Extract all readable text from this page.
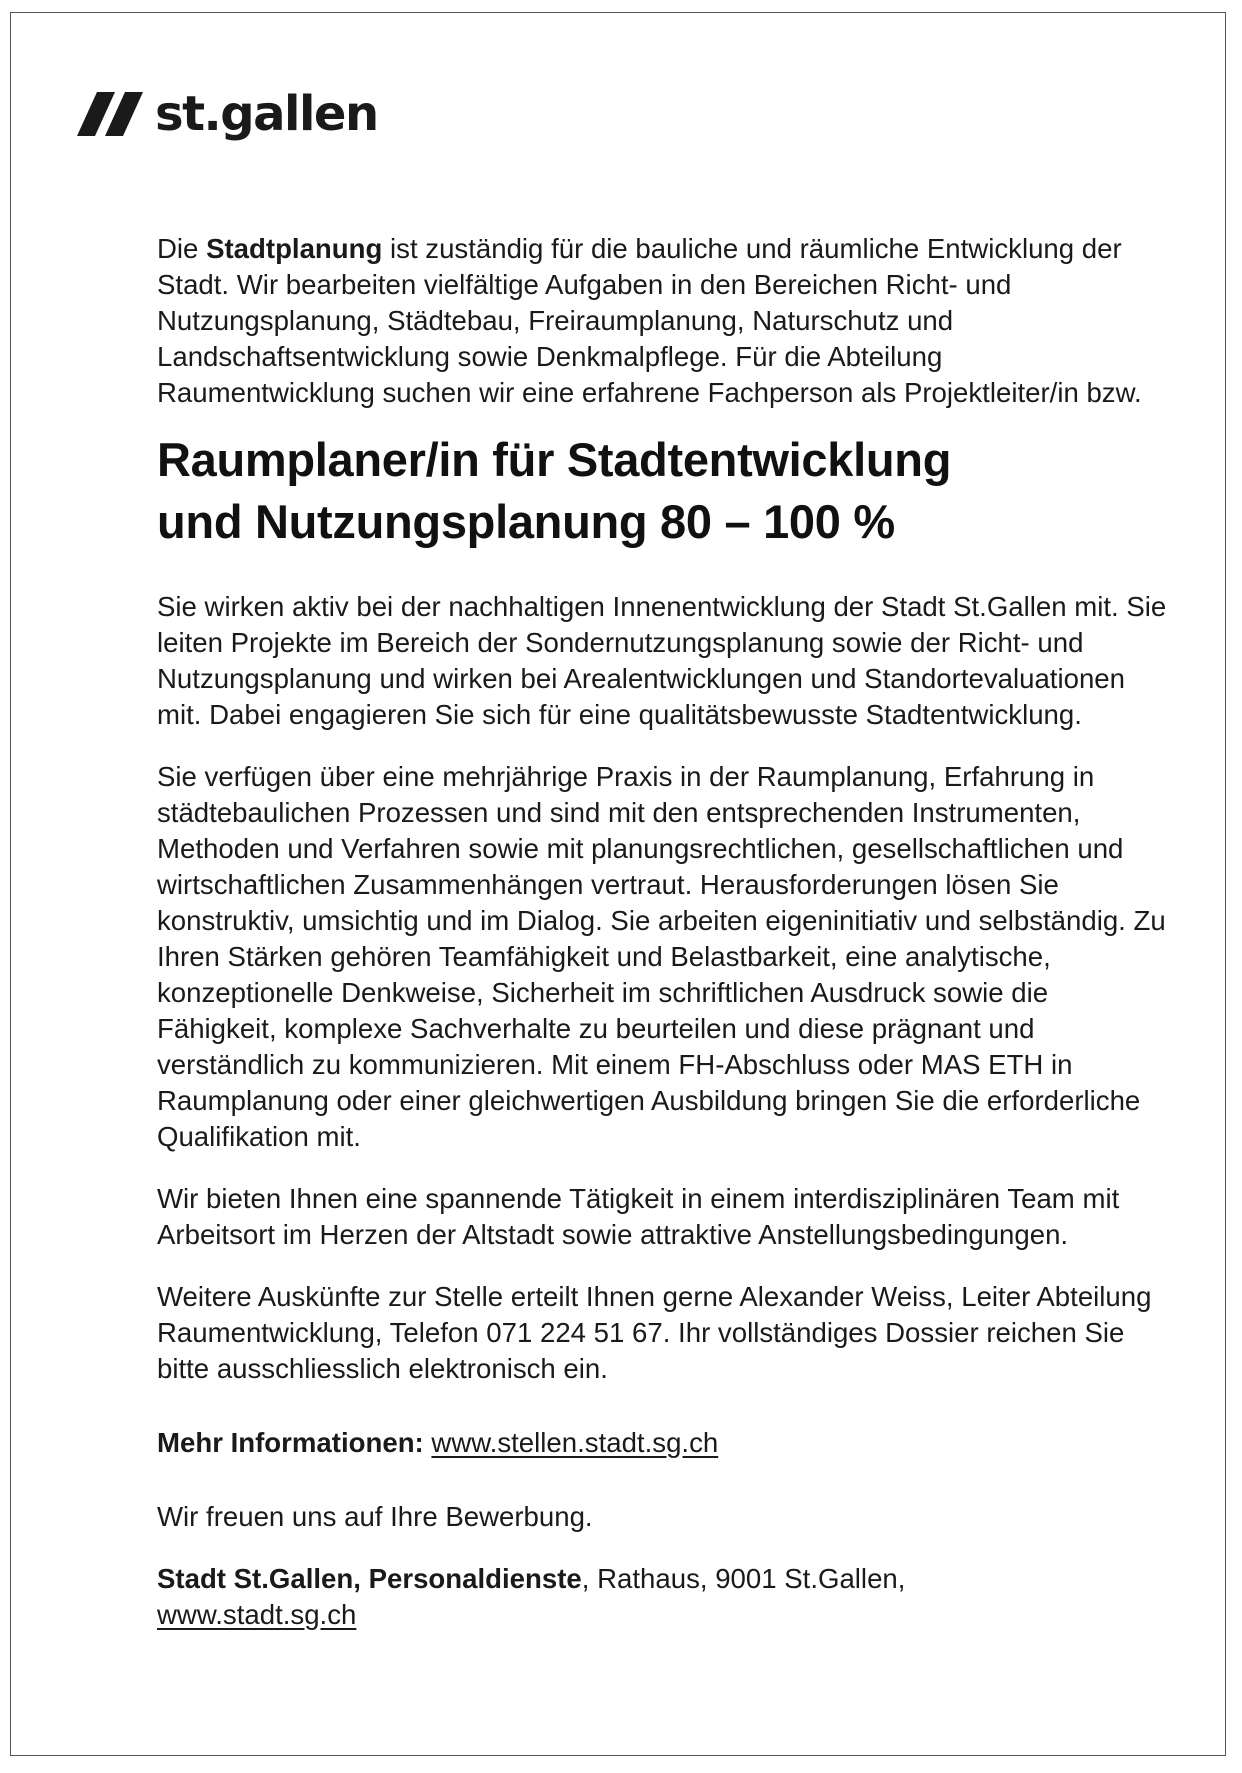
st.gallen

Die Stadtplanung ist zuständig für die bauliche und räumliche Entwicklung der Stadt. Wir bearbeiten vielfältige Aufgaben in den Bereichen Richt- und Nutzungsplanung, Städtebau, Freiraumplanung, Naturschutz und Landschaftsentwicklung sowie Denkmalpflege. Für die Abteilung Raumentwicklung suchen wir eine erfahrene Fachperson als Projektleiter/in bzw.

Raumplaner/in für Stadtentwicklung
und Nutzungsplanung 80 – 100 %

Sie wirken aktiv bei der nachhaltigen Innenentwicklung der Stadt St.Gallen mit. Sie leiten Projekte im Bereich der Sondernutzungsplanung sowie der Richt- und Nutzungsplanung und wirken bei Arealentwicklungen und Standortevaluationen mit. Dabei engagieren Sie sich für eine qualitätsbewusste Stadtentwicklung.

Sie verfügen über eine mehrjährige Praxis in der Raumplanung, Erfahrung in städtebaulichen Prozessen und sind mit den entsprechenden Instrumenten, Methoden und Verfahren sowie mit planungsrechtlichen, gesellschaftlichen und wirtschaftlichen Zusammenhängen vertraut. Herausforderungen lösen Sie konstruktiv, umsichtig und im Dialog. Sie arbeiten eigeninitiativ und selbständig. Zu Ihren Stärken gehören Teamfähigkeit und Belastbarkeit, eine analytische, konzeptionelle Denkweise, Sicherheit im schriftlichen Ausdruck sowie die Fähigkeit, komplexe Sachverhalte zu beurteilen und diese prägnant und verständlich zu kommunizieren. Mit einem FH-Abschluss oder MAS ETH in Raumplanung oder einer gleichwertigen Ausbildung bringen Sie die erforderliche Qualifikation mit.

Wir bieten Ihnen eine spannende Tätigkeit in einem interdisziplinären Team mit Arbeitsort im Herzen der Altstadt sowie attraktive Anstellungsbedingungen.

Weitere Auskünfte zur Stelle erteilt Ihnen gerne Alexander Weiss, Leiter Abteilung Raumentwicklung, Telefon 071 224 51 67. Ihr vollständiges Dossier reichen Sie bitte ausschliesslich elektronisch ein.

Mehr Informationen: www.stellen.stadt.sg.ch

Wir freuen uns auf Ihre Bewerbung.

Stadt St.Gallen, Personaldienste, Rathaus, 9001 St.Gallen,
www.stadt.sg.ch
